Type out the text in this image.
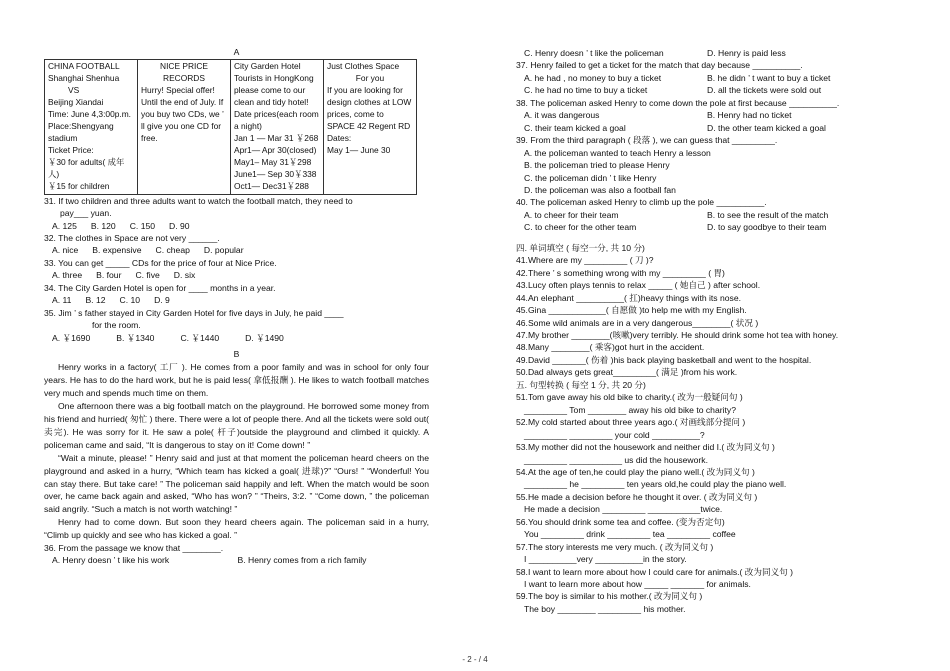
A
CHINA FOOTBALL
Shanghai Shenhua
VS
Beijing Xiandai
Time: June 4,3:00p.m.
Place:Shengyang stadium
Ticket Price:
￥30 for adults( 成年人)
￥15 for children

NICE PRICE
RECORDS
Hurry! Special offer! Until the end of July. If you buy two CDs, we ’ ll give you one CD for free.

City Garden Hotel
Tourists in HongKong please come to our clean and tidy hotel!
Date prices(each room a night)
Jan 1 — Mar 31 ￥268
Apr1— Apr 30(closed)
May1– May 31￥298
June1— Sep 30￥338
Oct1— Dec31￥288

Just Clothes Space
For you
If you are looking for design clothes at LOW prices, come to SPACE 42 Regent RD
Dates:
May 1— June 30
31. If two children and three adults want to watch the football match, they need to
pay___ yuan.
A. 125 B. 120 C. 150 D. 90
32. The clothes in Space are not very ______.
A. nice B. expensive C. cheap D. popular
33. You can get _____ CDs for the price of four at Nice Price.
A. three B. four C. five D. six
34. The City Garden Hotel is open for ____ months in a year.
A. 11 B. 12 C. 10 D. 9
35. Jim ’ s father stayed in City Garden Hotel for five days in July, he paid ____
for the room.
A. ￥1690	B. ￥1340	C. ￥1440	D. ￥1490
B
Henry works in a factory( 工厂 ). He comes from a poor family and was in school for only four years. He has to do the hard work, but he is paid less( 拿低报酬 ). He likes to watch football matches very much and spends much time on them.
One afternoon there was a big football match on the playground. He borrowed some money from his friend and hurried( 匆忙 ) there. There were a lot of people there. And all the tickets were sold out( 卖完). He was sorry for it. He saw a pole( 杆子)outside the playground and climbed it quickly. A policeman came and said, “It is dangerous to stay on it! Come down! ”
“Wait a minute, please! ” Henry said and just at that moment the policeman heard cheers on the playground and asked in a hurry, “Which team has kicked a goal( 进球)?” “Ours! ” “Wonderful! You can stay there. But take care! ” The policeman said happily and left. When the match would be soon over, he came back again and asked, “Who has won? ” “Theirs, 3:2. ” “Come down, ” the policeman said angrily. “Such a match is not worth watching! ”
Henry had to come down. But soon they heard cheers again. The policeman said in a hurry, “Climb up quickly and see who has kicked a goal. ”
36. From the passage we know that ________.
A. Henry doesn ’ t like his work	B. Henry comes from a rich family
C. Henry doesn ’ t like the policeman	D. Henry is paid less
37. Henry failed to get a ticket for the match that day because __________.
A. he had , no money to buy a ticket	B. he didn ’ t want to buy a ticket
C. he had no time to buy a ticket	D. all the tickets were sold out
38. The policeman asked Henry to come down the pole at first because __________.
A. it was dangerous	B. Henry had no ticket
C. their team kicked a goal	D. the other team kicked a goal
39. From the third paragraph ( 段落 ), we can guess that _________.
A. the policeman wanted to teach Henry a lesson
B. the policeman tried to please Henry
C. the policeman didn ’ t like Henry
D. the policeman was also a football fan
40. The policeman asked Henry to climb up the pole __________.
A. to cheer for their team	B. to see the result of the match
C. to cheer for the other team	D. to say goodbye to their team
四. 单词填空 ( 每空一分, 共 10 分)
41.Where are my _________ ( 刀 )?
42.There ’ s something wrong with my _________ ( 胃)
43.Lucy often plays tennis to relax _____ ( 她自己 ) after school.
44.An elephant __________( 扛)heavy things with its nose.
45.Gina ____________( 自愿做 )to help me with my English.
46.Some wild animals are in a very dangerous________( 状况 )
47.My brother ________(咳嗽)very terribly. He should drink some hot tea with honey.
48.Many ________( 乘客)got hurt in the accident.
49.David _______( 伤着 )his back playing basketball and went to the hospital.
50.Dad always gets great_________( 满足 )from his work.
五. 句型转换 ( 每空 1 分, 共 20 分)
51.Tom gave away his old bike to charity.( 改为一般疑问句 )
_________ Tom ________ away his old bike to charity?
52.My cold started about three years ago.( 对画线部分提问 )
_________ _________ your cold __________?
53.My mother did not the housework and neither did I.( 改为同义句 )
_________ ___________ us did the housework.
54.At the age of ten,he could play the piano well.( 改为同义句 )
_________ he _________ ten years old,he could play the piano well.
55.He made a decision before he thought it over. ( 改为同义句 )
He made a decision _________ ___________twice.
56.You should drink some tea and coffee. (变为否定句)
You _________ drink _________ tea _________ coffee
57.The story interests me very much. ( 改为同义句 )
I __________very __________in the story.
58.I want to learn more about how I could care for animals.( 改为同义句 )
I want to learn more about how _____ _______ for animals.
59.The boy is similar to his mother.( 改为同义句 )
The boy ________ _________ his mother.
- 2 - / 4
